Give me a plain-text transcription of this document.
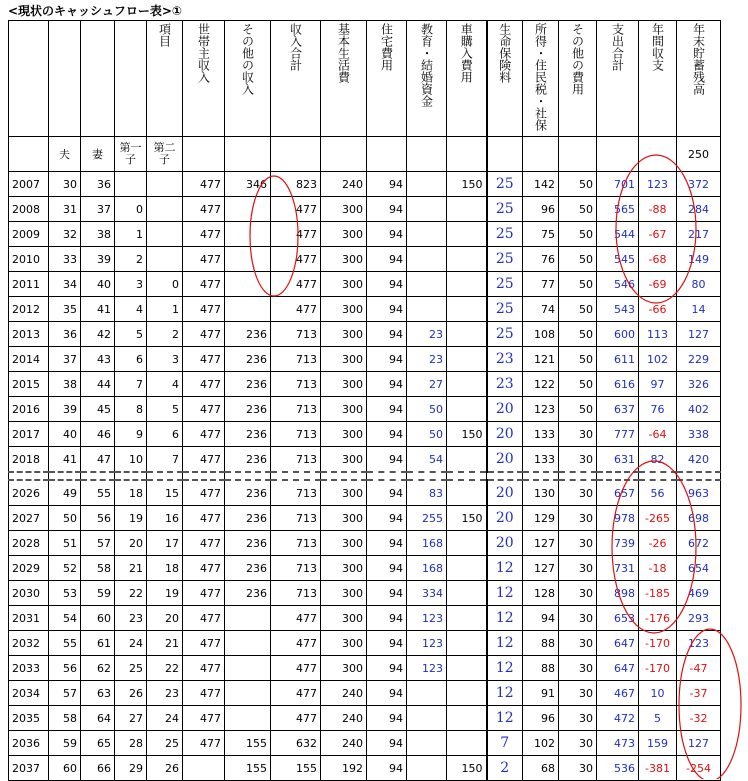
<現状のキャッシュフロー表>①
				項目	世帯主収入	その他の収入	収入合計	基本生活費	住宅費用	教育・結婚資金	車購入費用	生命保険料	所得・住民税・社保	その他の費用	支出合計	年間収支	年末貯蓄残高
	夫	妻	第一子	第二子													250
2007	30	36			477	346	823	240	94		150	25	142	50	701	123	372
2008	31	37	0		477		477	300	94			25	96	50	565	-88	284
2009	32	38	1		477		477	300	94			25	75	50	544	-67	217
2010	33	39	2		477		477	300	94			25	76	50	545	-68	149
2011	34	40	3	0	477		477	300	94			25	77	50	546	-69	80
2012	35	41	4	1	477		477	300	94			25	74	50	543	-66	14
2013	36	42	5	2	477	236	713	300	94	23		25	108	50	600	113	127
2014	37	43	6	3	477	236	713	300	94	23		23	121	50	611	102	229
2015	38	44	7	4	477	236	713	300	94	27		23	122	50	616	97	326
2016	39	45	8	5	477	236	713	300	94	50		20	123	50	637	76	402
2017	40	46	9	6	477	236	713	300	94	50	150	20	133	30	777	-64	338
2018	41	47	10	7	477	236	713	300	94	54		20	133	30	631	82	420

2026	49	55	18	15	477	236	713	300	94	83		20	130	30	657	56	963
2027	50	56	19	16	477	236	713	300	94	255	150	20	129	30	978	-265	698
2028	51	57	20	17	477	236	713	300	94	168		20	127	30	739	-26	672
2029	52	58	21	18	477	236	713	300	94	168		12	127	30	731	-18	654
2030	53	59	22	19	477	236	713	300	94	334		12	128	30	898	-185	469
2031	54	60	23	20	477		477	300	94	123		12	94	30	653	-176	293
2032	55	61	24	21	477		477	300	94	123		12	88	30	647	-170	123
2033	56	62	25	22	477		477	300	94	123		12	88	30	647	-170	-47
2034	57	63	26	23	477		477	240	94			12	91	30	467	10	-37
2035	58	64	27	24	477		477	240	94			12	96	30	472	5	-32
2036	59	65	28	25	477	155	632	240	94			7	102	30	473	159	127
2037	60	66	29	26		155	155	192	94		150	2	68	30	536	-381	-254
